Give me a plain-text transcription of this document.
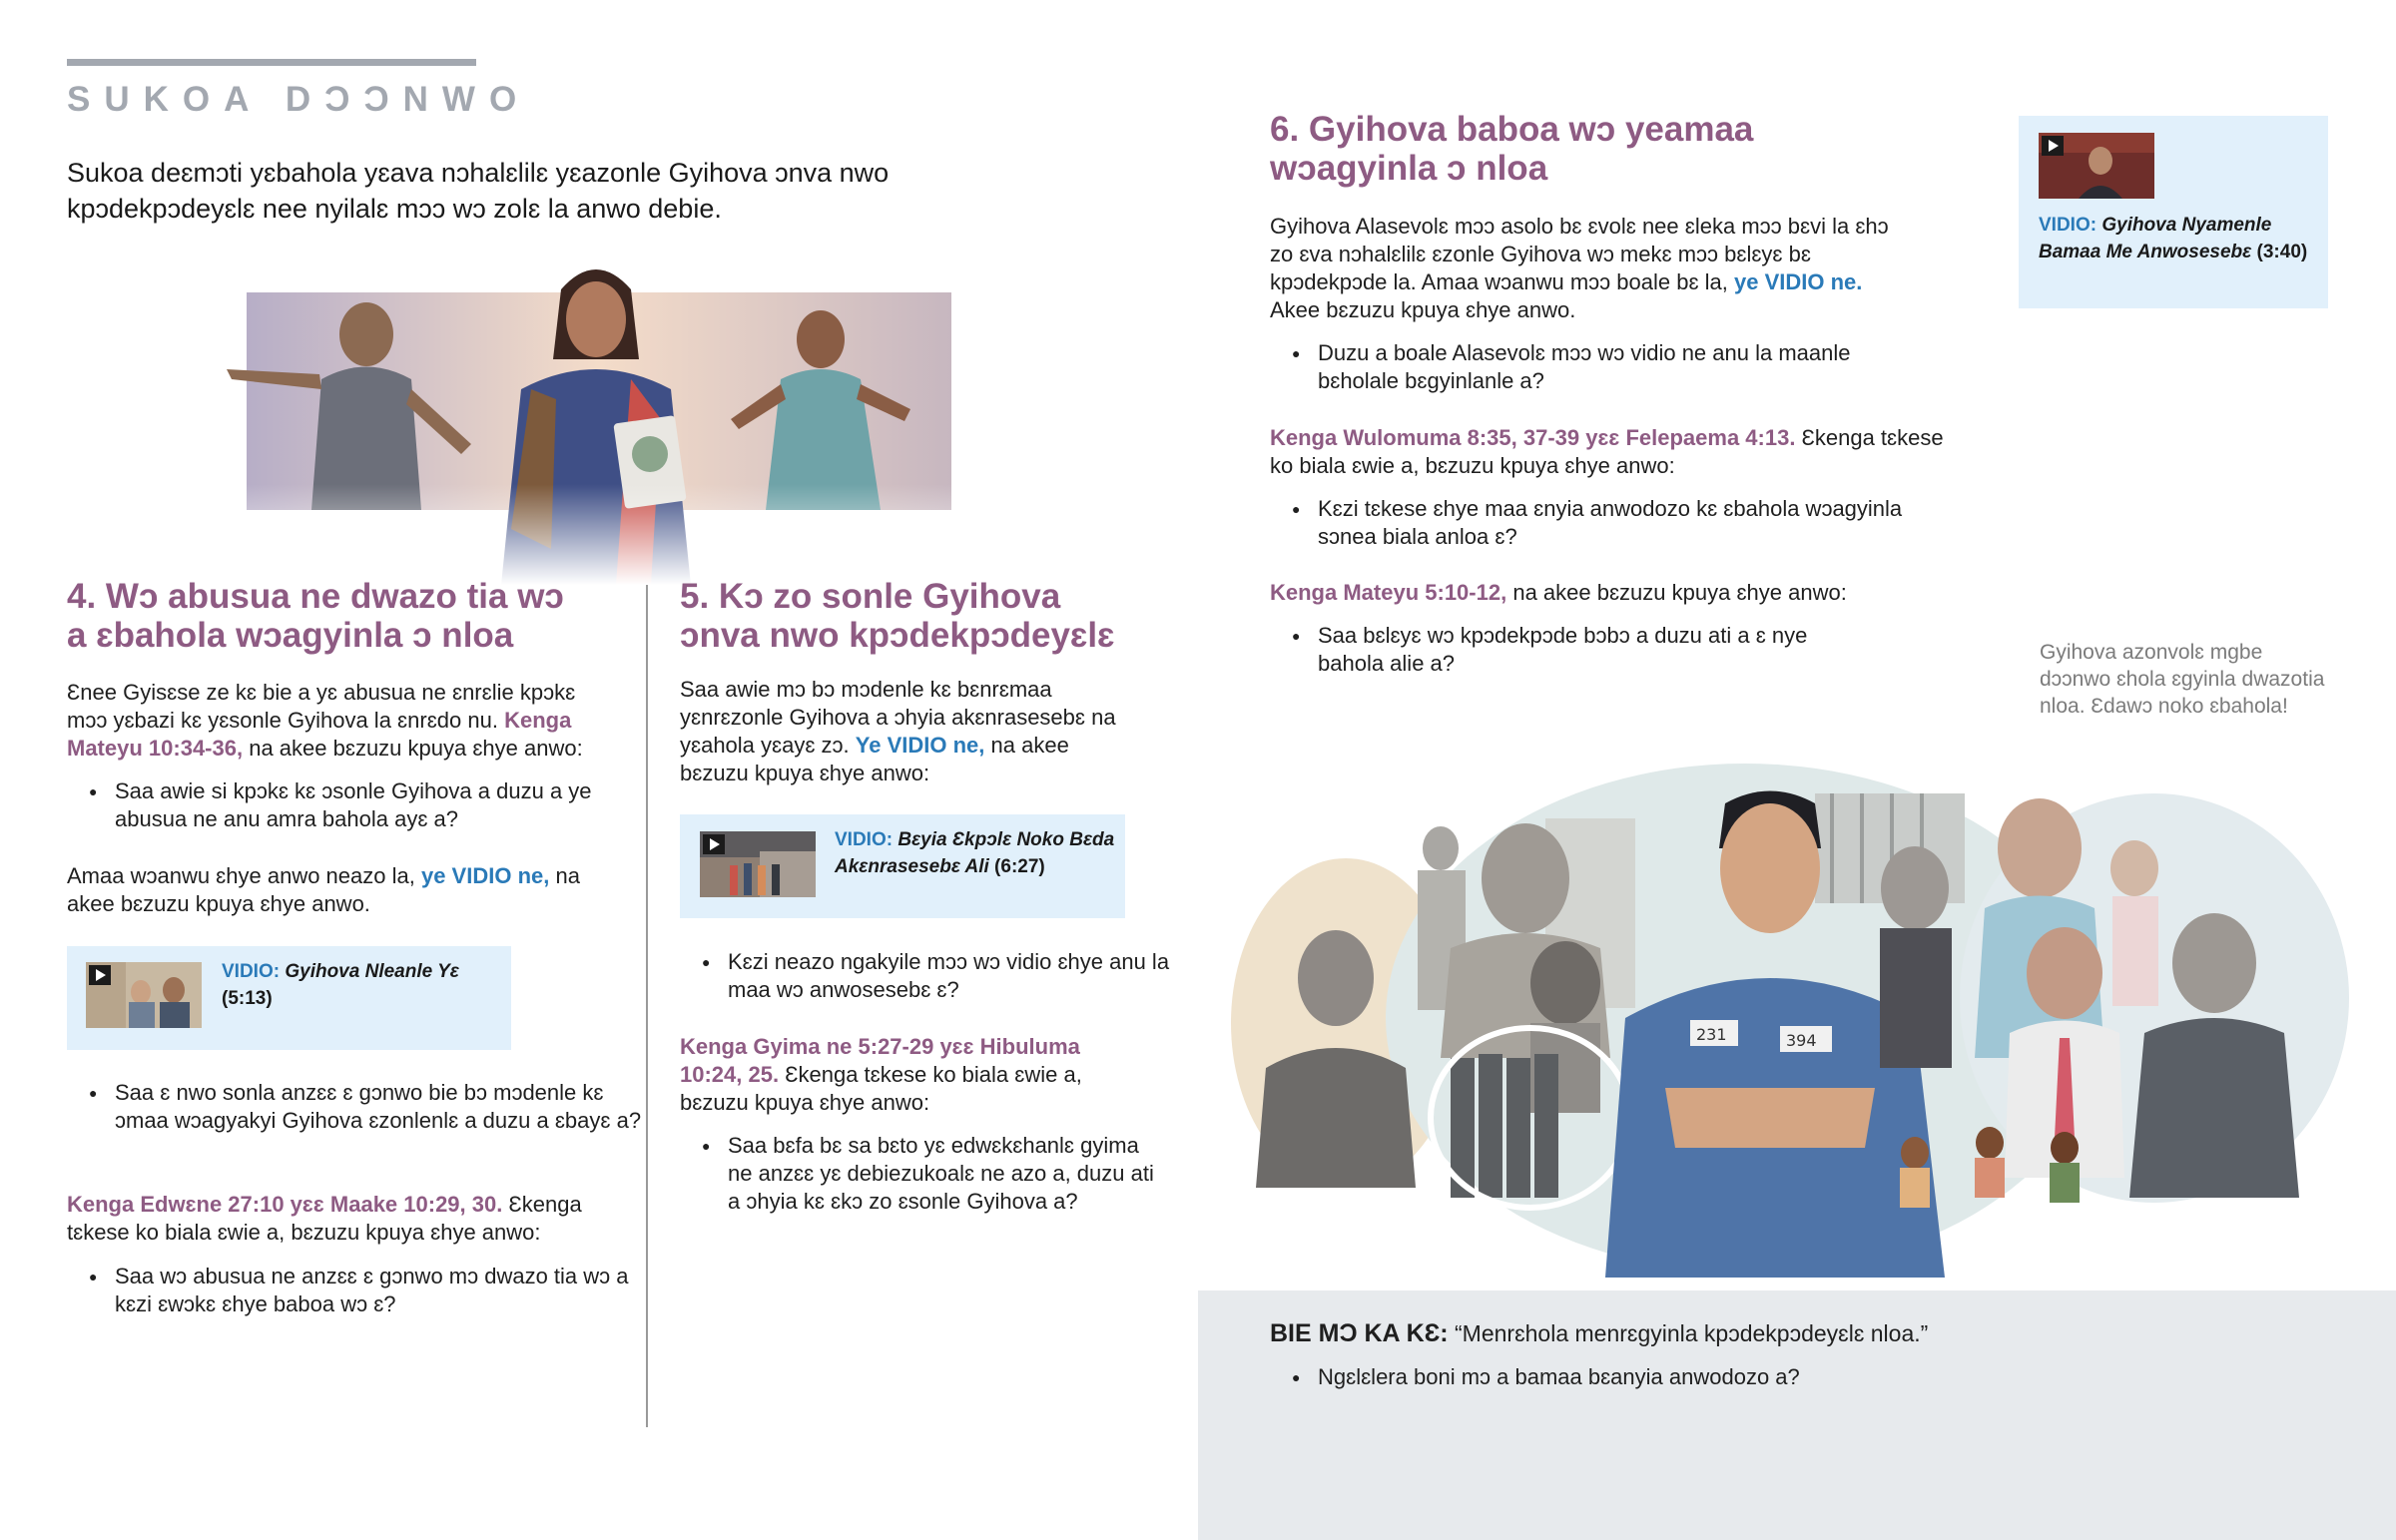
SUKOA DƆƆNWO
Sukoa deɛmɔti yɛbahola yɛava nɔhalɛlilɛ yɛazonle Gyihova ɔnva nwo kpɔdekpɔdeyɛlɛ nee nyilalɛ mɔɔ wɔ zolɛ la anwo debie.
4. Wɔ abusua ne dwazo tia wɔ a ɛbahola wɔagyinla ɔ nloa
Ɛnee Gyisɛse ze kɛ bie a yɛ abusua ne ɛnrɛlie kpɔkɛ mɔɔ yɛbazi kɛ yɛsonle Gyihova la ɛnrɛdo nu. Kenga Mateyu 10:34-36, na akee bɛzuzu kpuya ɛhye anwo:
● Saa awie si kpɔkɛ kɛ ɔsonle Gyihova a duzu a ye abusua ne anu amra bahola ayɛ a?
Amaa wɔanwu ɛhye anwo neazo la, ye VIDIO ne, na akee bɛzuzu kpuya ɛhye anwo.
VIDIO: Gyihova Nleanle Yɛ (5:13)
● Saa ɛ nwo sonla anzɛɛ ɛ gɔnwo bie bɔ mɔdenle kɛ ɔmaa wɔagyakyi Gyihova ɛzonlenlɛ a duzu a ɛbayɛ a?
Kenga Edwɛne 27:10 yɛɛ Maake 10:29, 30. Ɛkenga tɛkese ko biala ɛwie a, bɛzuzu kpuya ɛhye anwo:
● Saa wɔ abusua ne anzɛɛ ɛ gɔnwo mɔ dwazo tia wɔ a kɛzi ɛwɔkɛ ɛhye baboa wɔ ɛ?
5. Kɔ zo sonle Gyihova ɔnva nwo kpɔdekpɔdeyɛlɛ
Saa awie mɔ bɔ mɔdenle kɛ bɛnrɛmaa yɛnrɛzonle Gyihova a ɔhyia akɛnrasesebɛ na yɛahola yɛayɛ zɔ. Ye VIDIO ne, na akee bɛzuzu kpuya ɛhye anwo:
VIDIO: Bɛyia Ɛkpɔlɛ Noko Bɛda Akɛnrasesebɛ Ali (6:27)
● Kɛzi neazo ngakyile mɔɔ wɔ vidio ɛhye anu la maa wɔ anwosesebɛ ɛ?
Kenga Gyima ne 5:27-29 yɛɛ Hibuluma 10:24, 25. Ɛkenga tɛkese ko biala ɛwie a, bɛzuzu kpuya ɛhye anwo:
● Saa bɛfa bɛ sa bɛto yɛ edwɛkɛhanlɛ gyima ne anzɛɛ yɛ debiezukoalɛ ne azo a, duzu ati a ɔhyia kɛ ɛkɔ zo ɛsonle Gyihova a?
6. Gyihova baboa wɔ yeamaa wɔagyinla ɔ nloa
Gyihova Alasevolɛ mɔɔ asolo bɛ ɛvolɛ nee ɛleka mɔɔ bɛvi la ɛhɔ zo ɛva nɔhalɛlilɛ ɛzonle Gyihova wɔ mekɛ mɔɔ bɛlɛyɛ bɛ kpɔdekpɔde la. Amaa wɔanwu mɔɔ boale bɛ la, ye VIDIO ne. Akee bɛzuzu kpuya ɛhye anwo.
● Duzu a boale Alasevolɛ mɔɔ wɔ vidio ne anu la maanle bɛholale bɛgyinlanle a?
Kenga Wulomuma 8:35, 37-39 yɛɛ Felepaema 4:13. Ɛkenga tɛkese ko biala ɛwie a, bɛzuzu kpuya ɛhye anwo:
● Kɛzi tɛkese ɛhye maa ɛnyia anwodozo kɛ ɛbahola wɔagyinla sɔnea biala anloa ɛ?
Kenga Mateyu 5:10-12, na akee bɛzuzu kpuya ɛhye anwo:
● Saa bɛlɛyɛ wɔ kpɔdekpɔde bɔbɔ a duzu ati a ɛ nye bahola alie a?
VIDIO: Gyihova Nyamenle Bamaa Me Anwosesebɛ (3:40)
Gyihova azonvolɛ mgbe dɔɔnwo ɛhola ɛgyinla dwazotia nloa. Ɛdawɔ noko ɛbahola!
231	394
BIE MƆ KA KƐ: “Menrɛhola menrɛgyinla kpɔdekpɔdeyɛlɛ nloa.”
● Ngɛlɛlera boni mɔ a bamaa bɛanyia anwodozo a?
